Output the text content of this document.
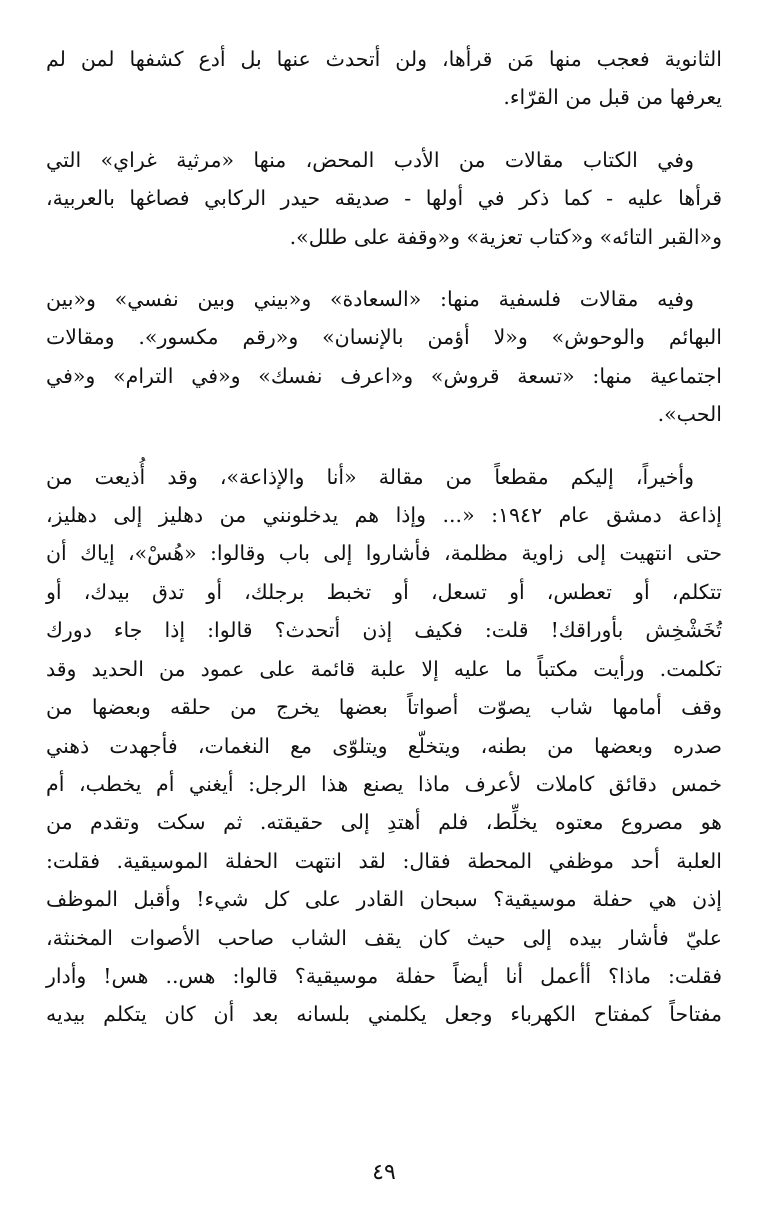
الثانوية فعجب منها مَن قرأها، ولن أتحدث عنها بل أدع كشفها لمن لم
يعرفها من قبل من القرّاء.

وفي الكتاب مقالات من الأدب المحض، منها «مرثية غراي» التي
قرأها عليه - كما ذكر في أولها - صديقه حيدر الركابي فصاغها بالعربية،
و«القبر التائه» و«كتاب تعزية» و«وقفة على طلل».

وفيه مقالات فلسفية منها: «السعادة» و«بيني وبين نفسي» و«بين
البهائم والوحوش» و«لا أؤمن بالإنسان» و«رقم مكسور». ومقالات
اجتماعية منها: «تسعة قروش» و«اعرف نفسك» و«في الترام» و«في
الحب».

وأخيراً، إليكم مقطعاً من مقالة «أنا والإذاعة»، وقد أُذيعت من
إذاعة دمشق عام ١٩٤٢: «... وإذا هم يدخلونني من دهليز إلى دهليز،
حتى انتهيت إلى زاوية مظلمة، فأشاروا إلى باب وقالوا: «هُسْ»، إياك أن
تتكلم، أو تعطس، أو تسعل، أو تخبط برجلك، أو تدق بيدك، أو
تُخَشْخِش بأوراقك! قلت: فكيف إذن أتحدث؟ قالوا: إذا جاء دورك
تكلمت. ورأيت مكتباً ما عليه إلا علبة قائمة على عمود من الحديد وقد
وقف أمامها شاب يصوّت أصواتاً بعضها يخرج من حلقه وبعضها من
صدره وبعضها من بطنه، ويتخلّع ويتلوّى مع النغمات، فأجهدت ذهني
خمس دقائق كاملات لأعرف ماذا يصنع هذا الرجل: أيغني أم يخطب، أم
هو مصروع معتوه يخلِّط، فلم أهتدِ إلى حقيقته. ثم سكت وتقدم من
العلبة أحد موظفي المحطة فقال: لقد انتهت الحفلة الموسيقية. فقلت:
إذن هي حفلة موسيقية؟ سبحان القادر على كل شيء! وأقبل الموظف
عليّ فأشار بيده إلى حيث كان يقف الشاب صاحب الأصوات المخنثة،
فقلت: ماذا؟ أأعمل أنا أيضاً حفلة موسيقية؟ قالوا: هس.. هس! وأدار
مفتاحاً كمفتاح الكهرباء وجعل يكلمني بلسانه بعد أن كان يتكلم بيديه

٤٩
